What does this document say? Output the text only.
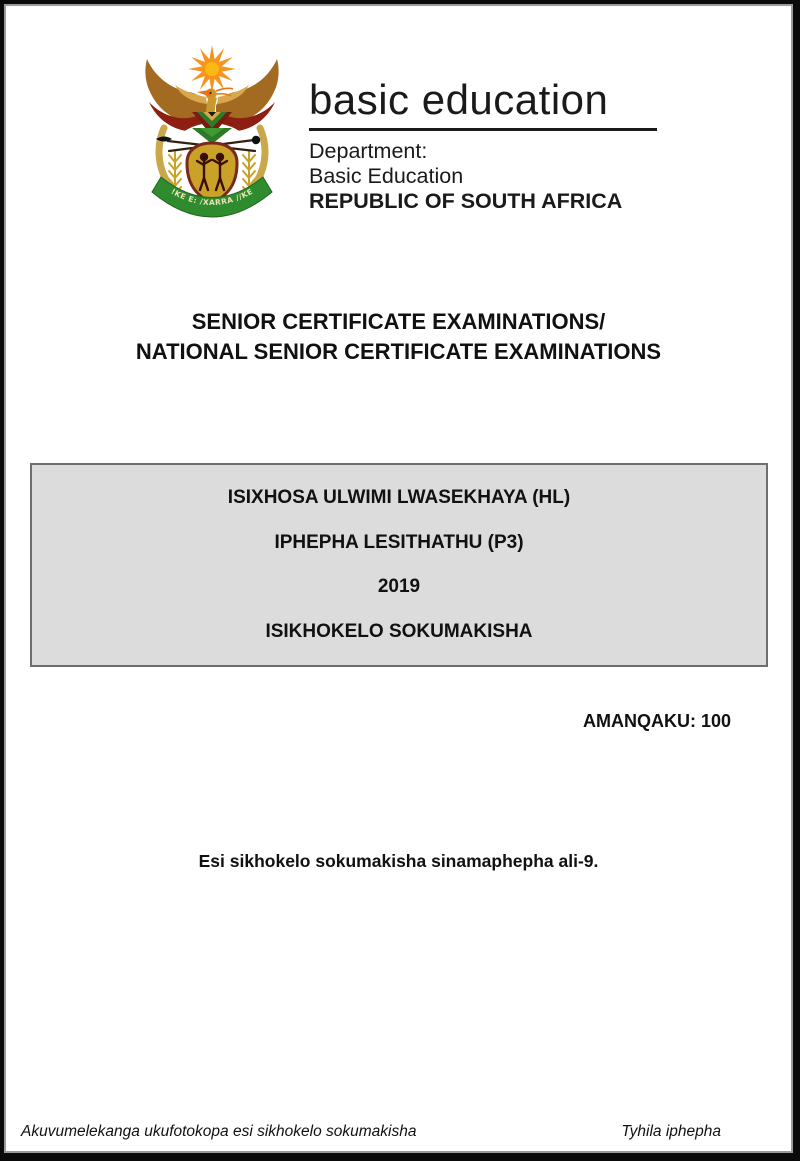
!KE E: /XARRA //KE
basic education
Department:
Basic Education
REPUBLIC OF SOUTH AFRICA
SENIOR CERTIFICATE EXAMINATIONS/
NATIONAL SENIOR CERTIFICATE EXAMINATIONS
ISIXHOSA ULWIMI LWASEKHAYA (HL)
IPHEPHA LESITHATHU (P3)
2019
ISIKHOKELO SOKUMAKISHA
AMANQAKU: 100
Esi sikhokelo sokumakisha sinamaphepha ali-9.
Akuvumelekanga ukufotokopa esi sikhokelo sokumakisha	Tyhila iphepha
